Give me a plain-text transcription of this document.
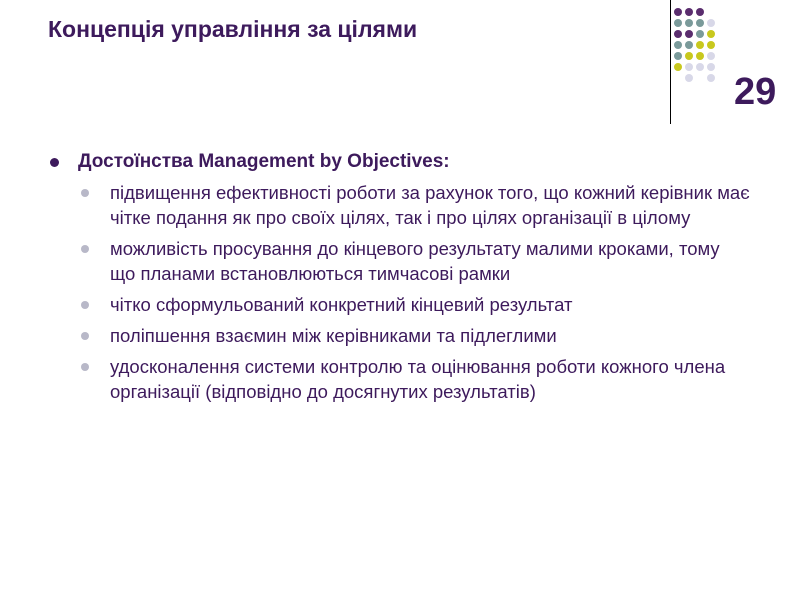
Концепція управління за цілями
29
Достоїнства Management by Objectives:
підвищення ефективності роботи за рахунок того, що кожний керівник має чітке подання як про своїх цілях, так і про цілях організації в цілому
можливість просування до кінцевого результату малими кроками, тому що планами встановлюються тимчасові рамки
чітко сформульований конкретний кінцевий результат
поліпшення взаємин між керівниками та підлеглими
удосконалення системи контролю та оцінювання роботи кожного члена організації (відповідно до досягнутих результатів)
